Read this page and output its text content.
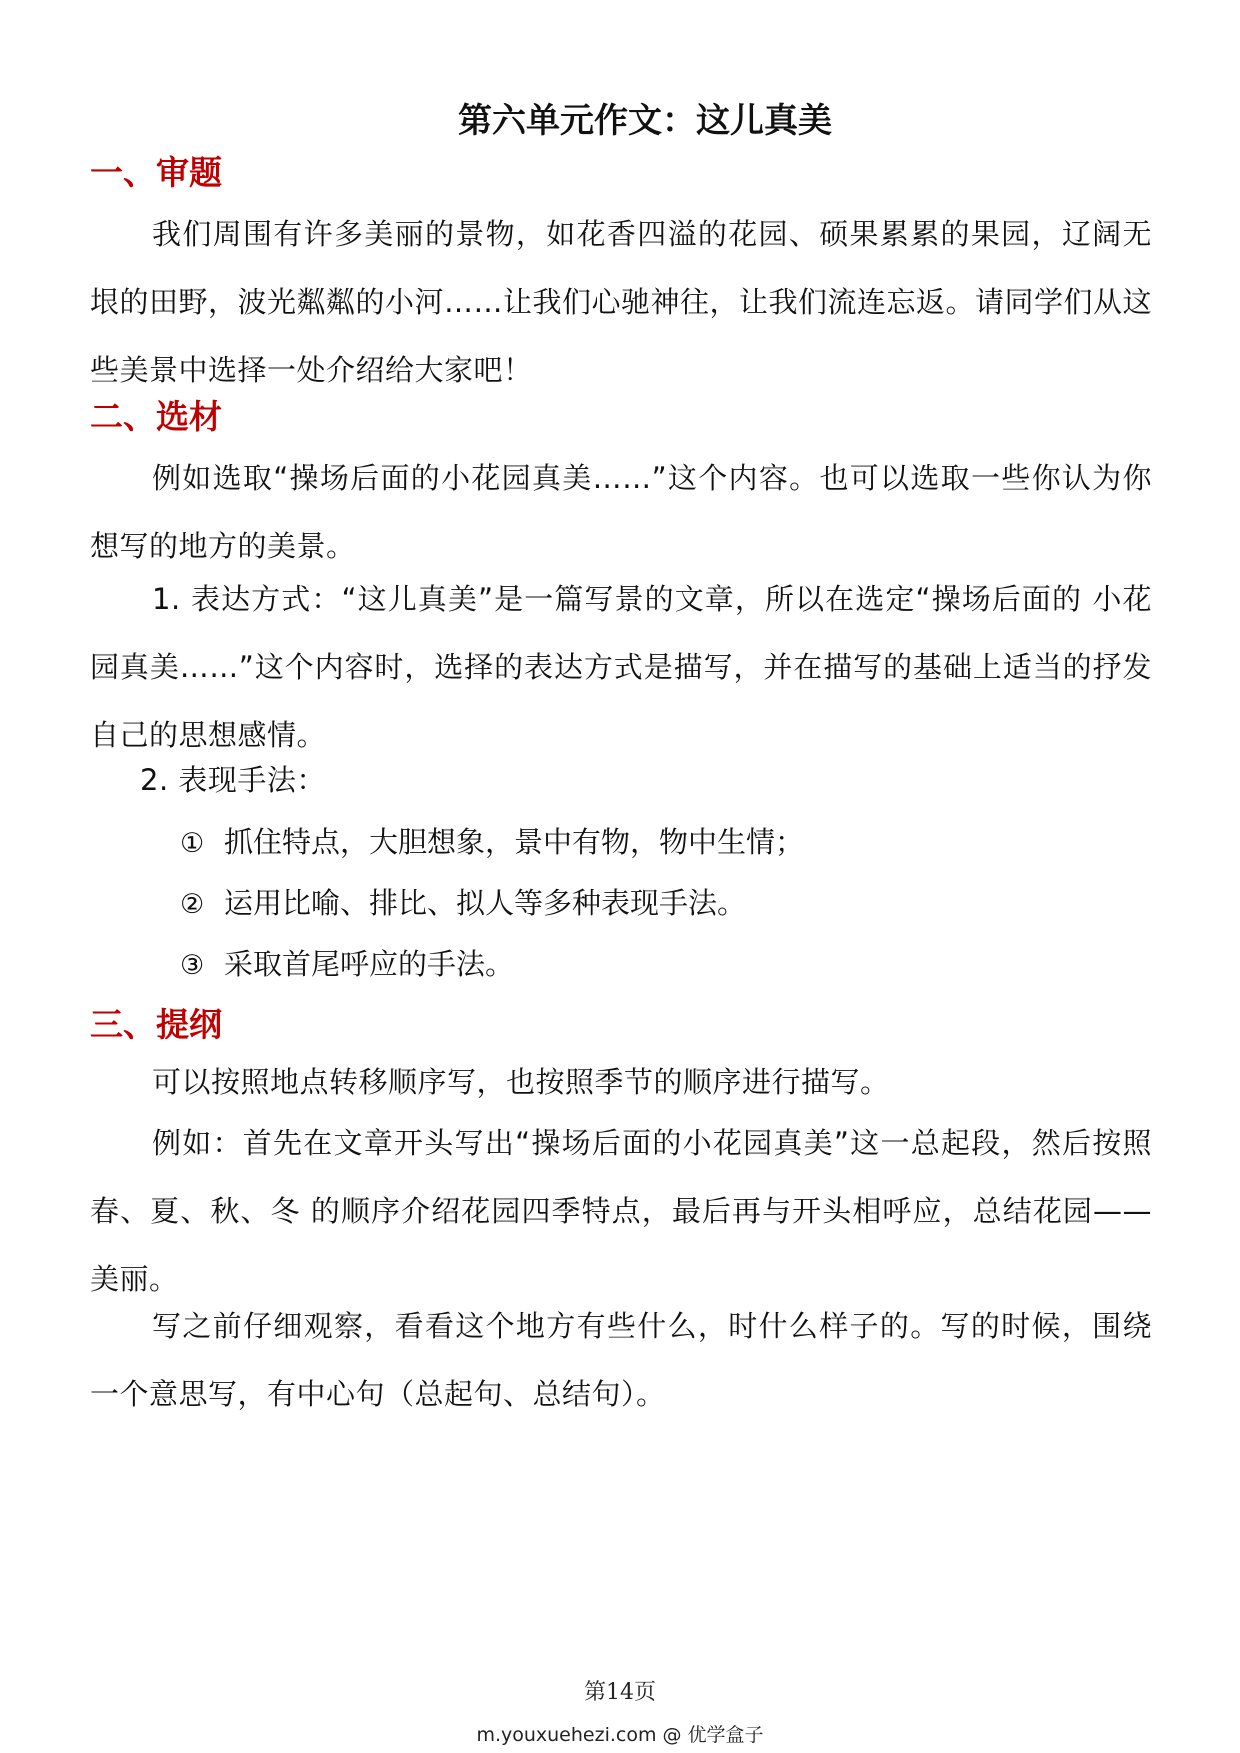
第六单元作文：这儿真美
一、审题
我们周围有许多美丽的景物，如花香四溢的花园、硕果累累的果园，辽阔无垠的田野，波光粼粼的小河……让我们心驰神往，让我们流连忘返。请同学们从这些美景中选择一处介绍给大家吧！
二、选材
例如选取“操场后面的小花园真美……”这个内容。也可以选取一些你认为你想写的地方的美景。
1. 表达方式：“这儿真美”是一篇写景的文章，所以在选定“操场后面的 小花园真美……”这个内容时，选择的表达方式是描写，并在描写的基础上适当的抒发自己的思想感情。
2. 表现手法：
① 抓住特点，大胆想象，景中有物，物中生情；
② 运用比喻、排比、拟人等多种表现手法。
③ 采取首尾呼应的手法。
三、提纲
可以按照地点转移顺序写，也按照季节的顺序进行描写。
例如：首先在文章开头写出“操场后面的小花园真美”这一总起段，然后按照春、夏、秋、冬 的顺序介绍花园四季特点，最后再与开头相呼应，总结花园——美丽。
写之前仔细观察，看看这个地方有些什么，时什么样子的。写的时候，围绕一个意思写，有中心句（总起句、总结句）。
第14页
m.youxuehezi.com @ 优学盒子
